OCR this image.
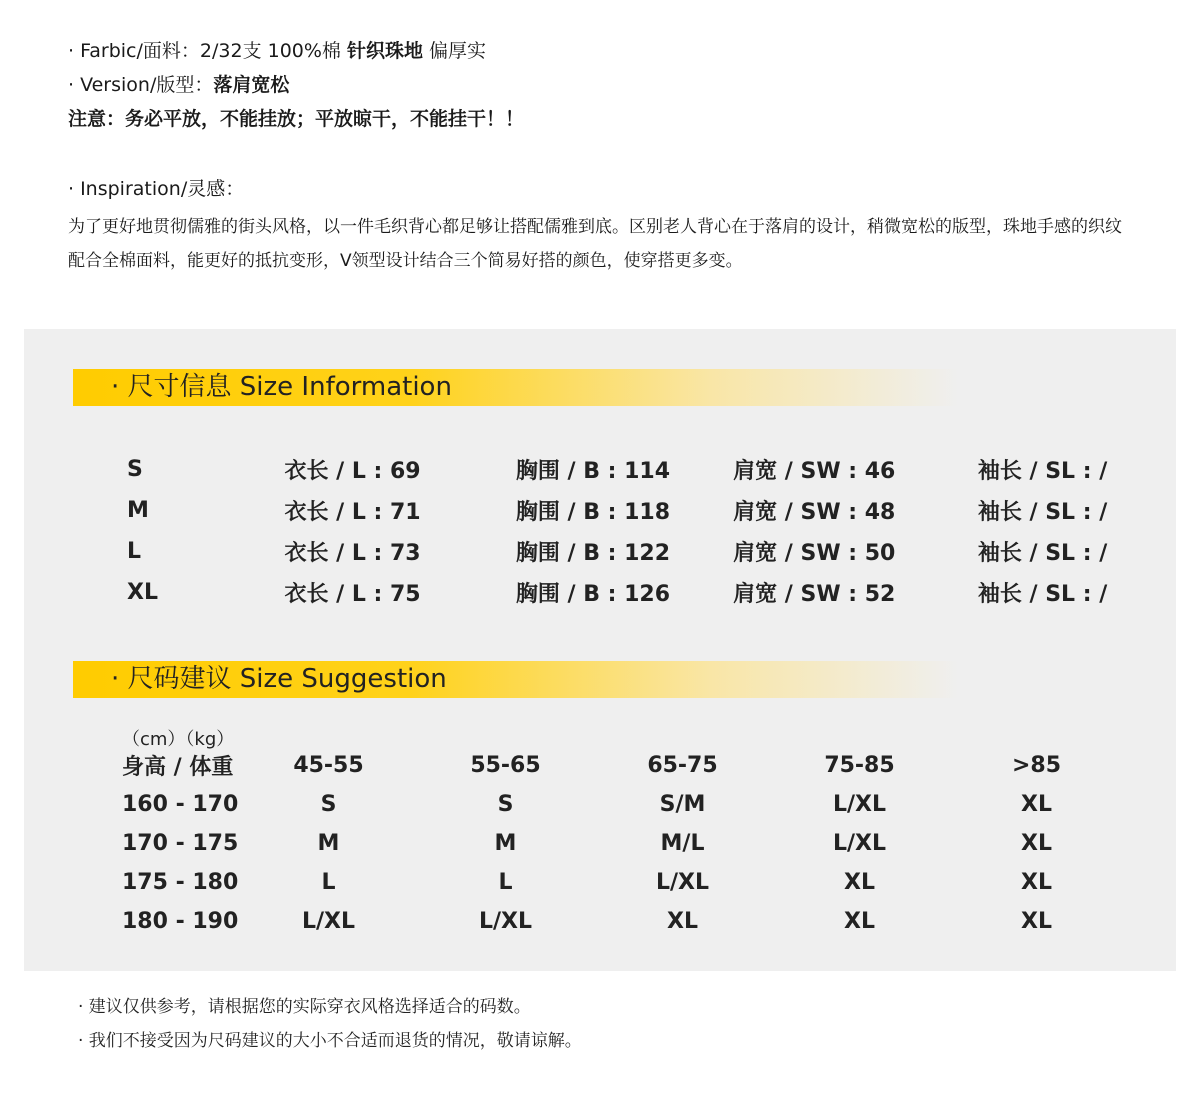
· Farbic/面料：2/32支 100%棉 针织珠地 偏厚实
· Version/版型：落肩宽松
注意：务必平放，不能挂放；平放晾干，不能挂干！！
· Inspiration/灵感：
为了更好地贯彻儒雅的街头风格，以一件毛织背心都足够让搭配儒雅到底。区别老人背心在于落肩的设计，稍微宽松的版型，珠地手感的织纹配合全棉面料，能更好的抵抗变形，V领型设计结合三个简易好搭的颜色，使穿搭更多变。
· 尺寸信息 Size Information
S	衣长 / L : 69	胸围 / B : 114	肩宽 / SW : 46	袖长 / SL : /
M	衣长 / L : 71	胸围 / B : 118	肩宽 / SW : 48	袖长 / SL : /
L	衣长 / L : 73	胸围 / B : 122	肩宽 / SW : 50	袖长 / SL : /
XL	衣长 / L : 75	胸围 / B : 126	肩宽 / SW : 52	袖长 / SL : /
· 尺码建议 Size Suggestion
（cm）（kg）
身高 / 体重	45-55	55-65	65-75	75-85	>85
160 - 170	S	S	S/M	L/XL	XL
170 - 175	M	M	M/L	L/XL	XL
175 - 180	L	L	L/XL	XL	XL
180 - 190	L/XL	L/XL	XL	XL	XL
· 建议仅供参考，请根据您的实际穿衣风格选择适合的码数。
· 我们不接受因为尺码建议的大小不合适而退货的情况，敬请谅解。
